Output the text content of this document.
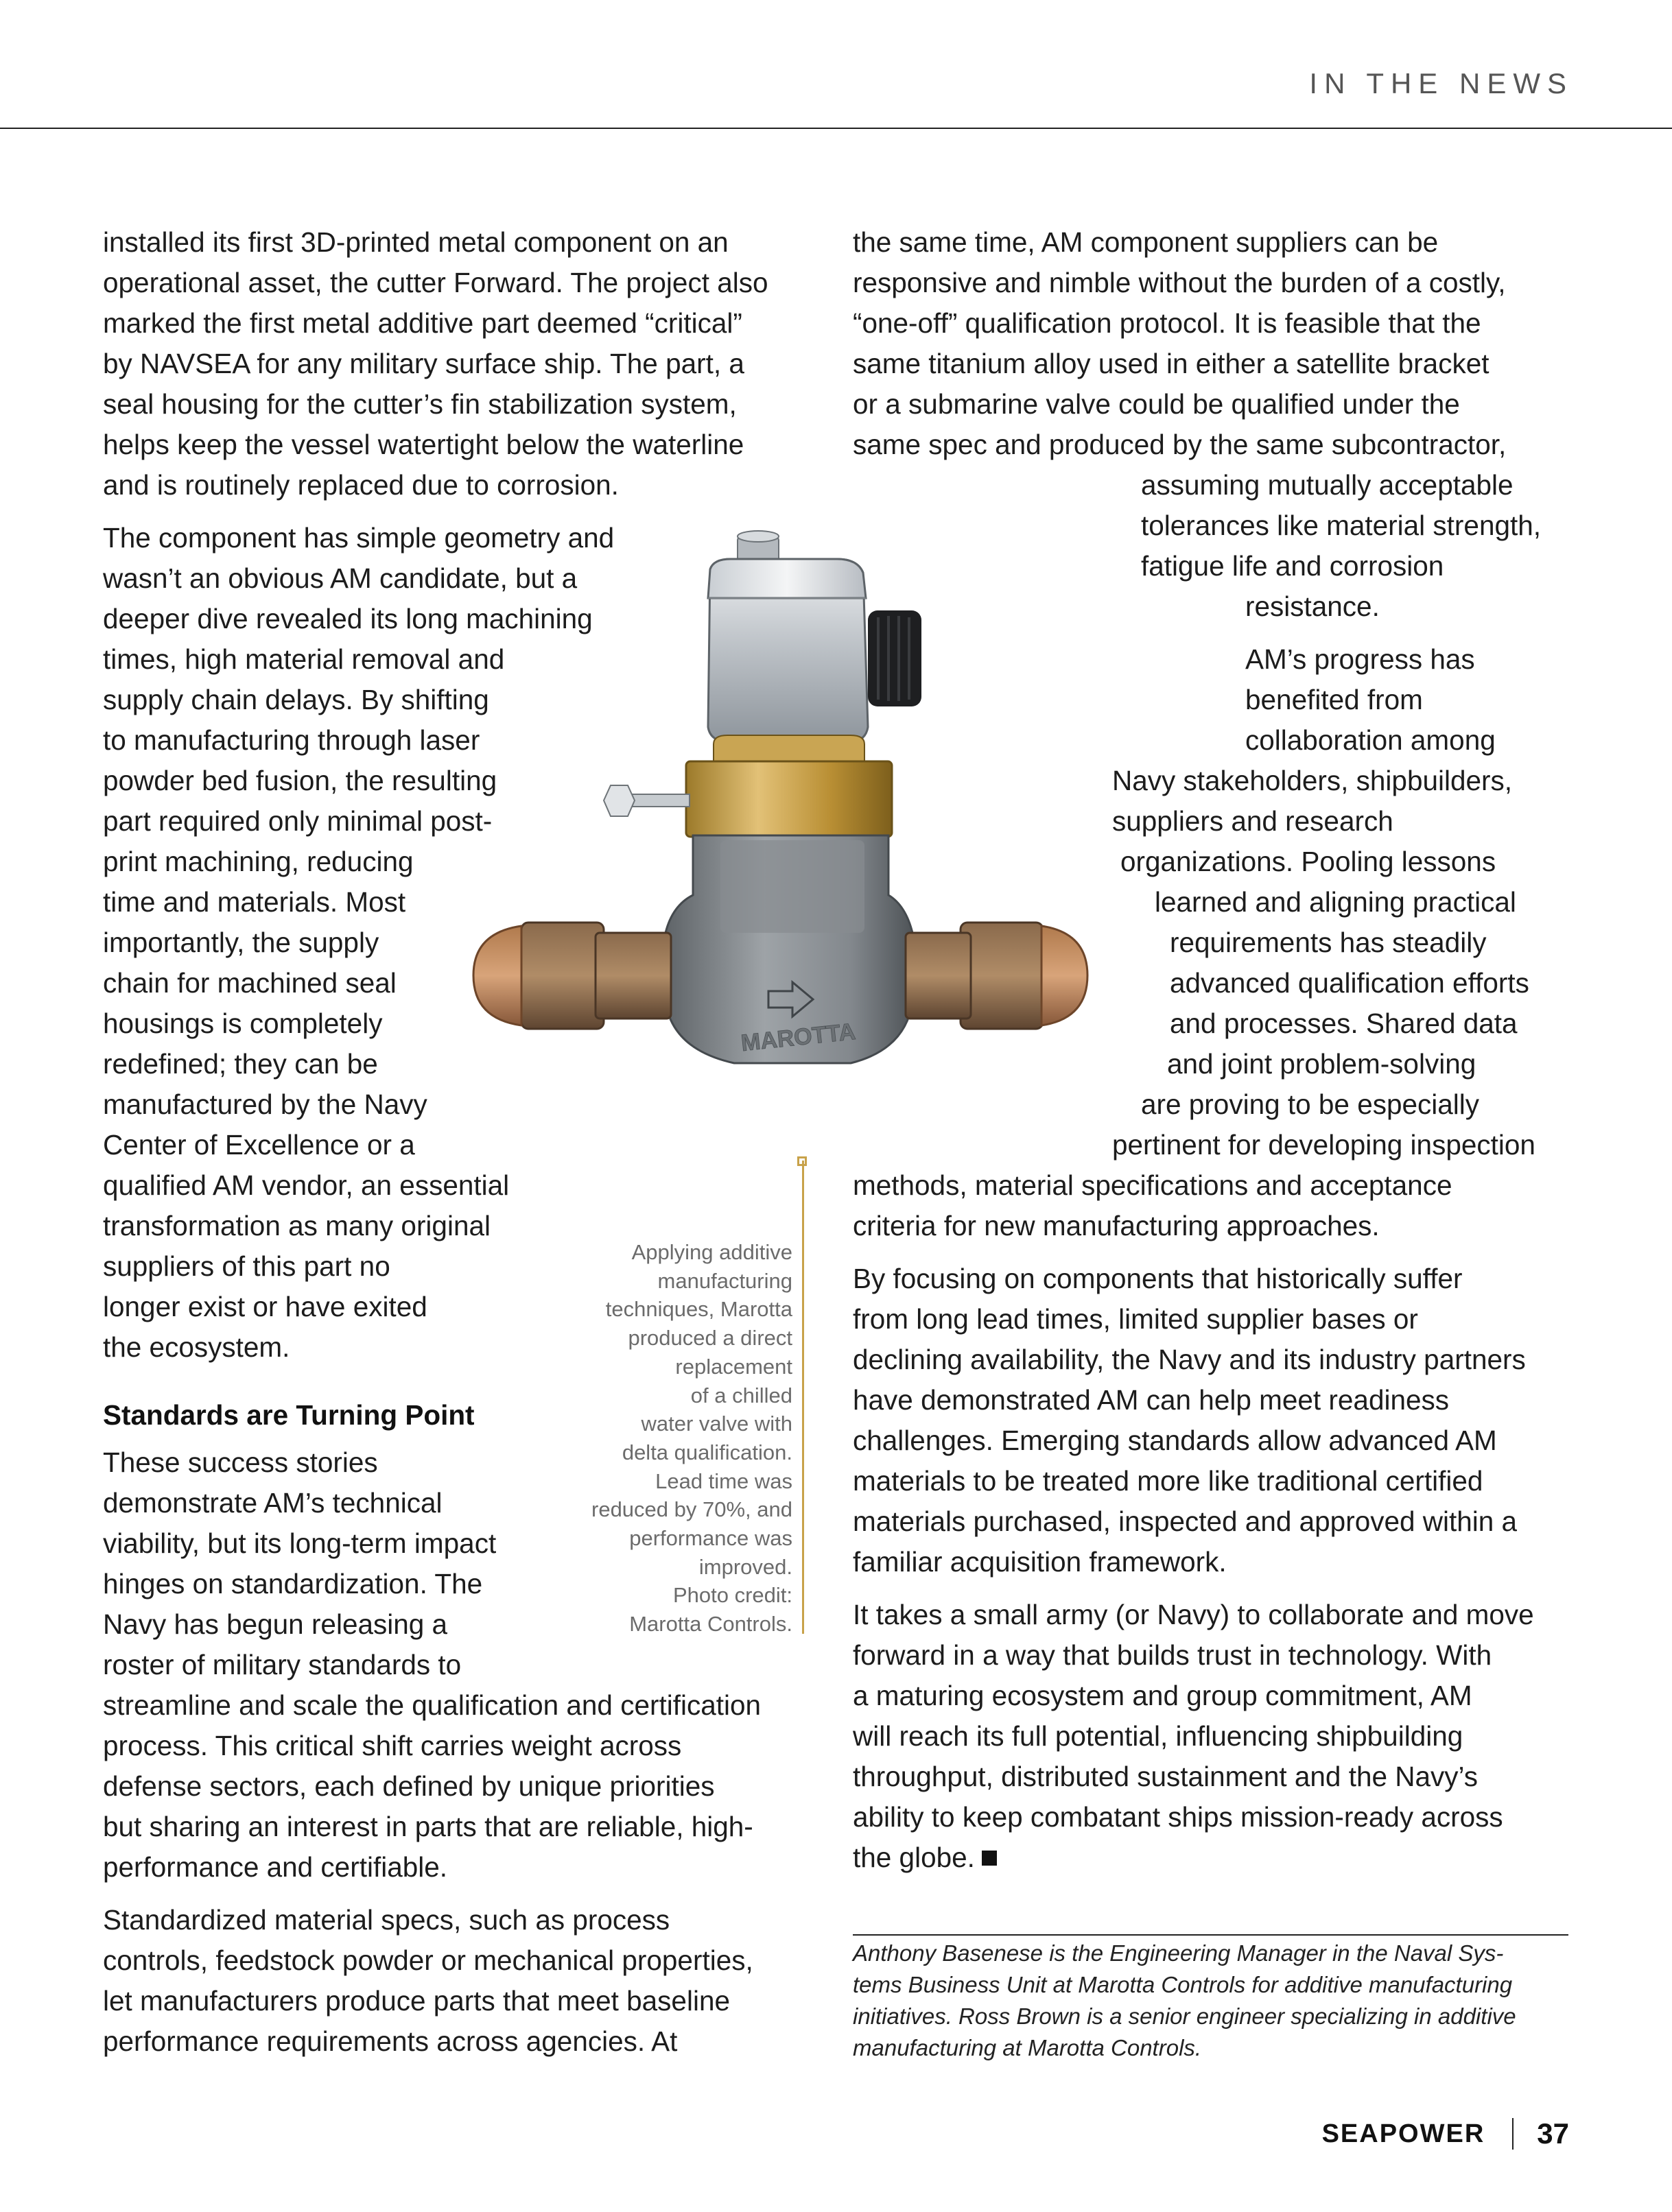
IN THE NEWS

installed its first 3D-printed metal component on an
operational asset, the cutter Forward. The project also
marked the first metal additive part deemed “critical”
by NAVSEA for any military surface ship. The part, a
seal housing for the cutter’s fin stabilization system,
helps keep the vessel watertight below the waterline
and is routinely replaced due to corrosion.

The component has simple geometry and
wasn’t an obvious AM candidate, but a
deeper dive revealed its long machining
times, high material removal and
supply chain delays. By shifting
to manufacturing through laser
powder bed fusion, the resulting
part required only minimal post-
print machining, reducing
time and materials. Most
importantly, the supply
chain for machined seal
housings is completely
redefined; they can be
manufactured by the Navy
Center of Excellence or a
qualified AM vendor, an essential
transformation as many original
suppliers of this part no
longer exist or have exited
the ecosystem.

Standards are Turning Point

These success stories
demonstrate AM’s technical
viability, but its long-term impact
hinges on standardization. The
Navy has begun releasing a
roster of military standards to
streamline and scale the qualification and certification
process. This critical shift carries weight across
defense sectors, each defined by unique priorities
but sharing an interest in parts that are reliable, high-
performance and certifiable.

Standardized material specs, such as process
controls, feedstock powder or mechanical properties,
let manufacturers produce parts that meet baseline
performance requirements across agencies. At

the same time, AM component suppliers can be
responsive and nimble without the burden of a costly,
“one-off” qualification protocol. It is feasible that the
same titanium alloy used in either a satellite bracket
or a submarine valve could be qualified under the
same spec and produced by the same subcontractor,
assuming mutually acceptable
tolerances like material strength,
fatigue life and corrosion
resistance.

AM’s progress has
benefited from
collaboration among
Navy stakeholders, shipbuilders,
suppliers and research
organizations. Pooling lessons
learned and aligning practical
requirements has steadily
advanced qualification efforts
and processes. Shared data
and joint problem-solving
are proving to be especially
pertinent for developing inspection
methods, material specifications and acceptance
criteria for new manufacturing approaches.

By focusing on components that historically suffer
from long lead times, limited supplier bases or
declining availability, the Navy and its industry partners
have demonstrated AM can help meet readiness
challenges. Emerging standards allow advanced AM
materials to be treated more like traditional certified
materials purchased, inspected and approved within a
familiar acquisition framework.

It takes a small army (or Navy) to collaborate and move
forward in a way that builds trust in technology. With
a maturing ecosystem and group commitment, AM
will reach its full potential, influencing shipbuilding
throughput, distributed sustainment and the Navy’s
ability to keep combatant ships mission-ready across
the globe.

MAROTTA
Applying additive
manufacturing
techniques, Marotta
produced a direct
replacement
of a chilled
water valve with
delta qualification.
Lead time was
reduced by 70%, and
performance was
improved.
Photo credit:
Marotta Controls.
Anthony Basenese is the Engineering Manager in the Naval Sys-
tems Business Unit at Marotta Controls for additive manufacturing
initiatives. Ross Brown is a senior engineer specializing in additive
manufacturing at Marotta Controls.
SEAPOWER 37
